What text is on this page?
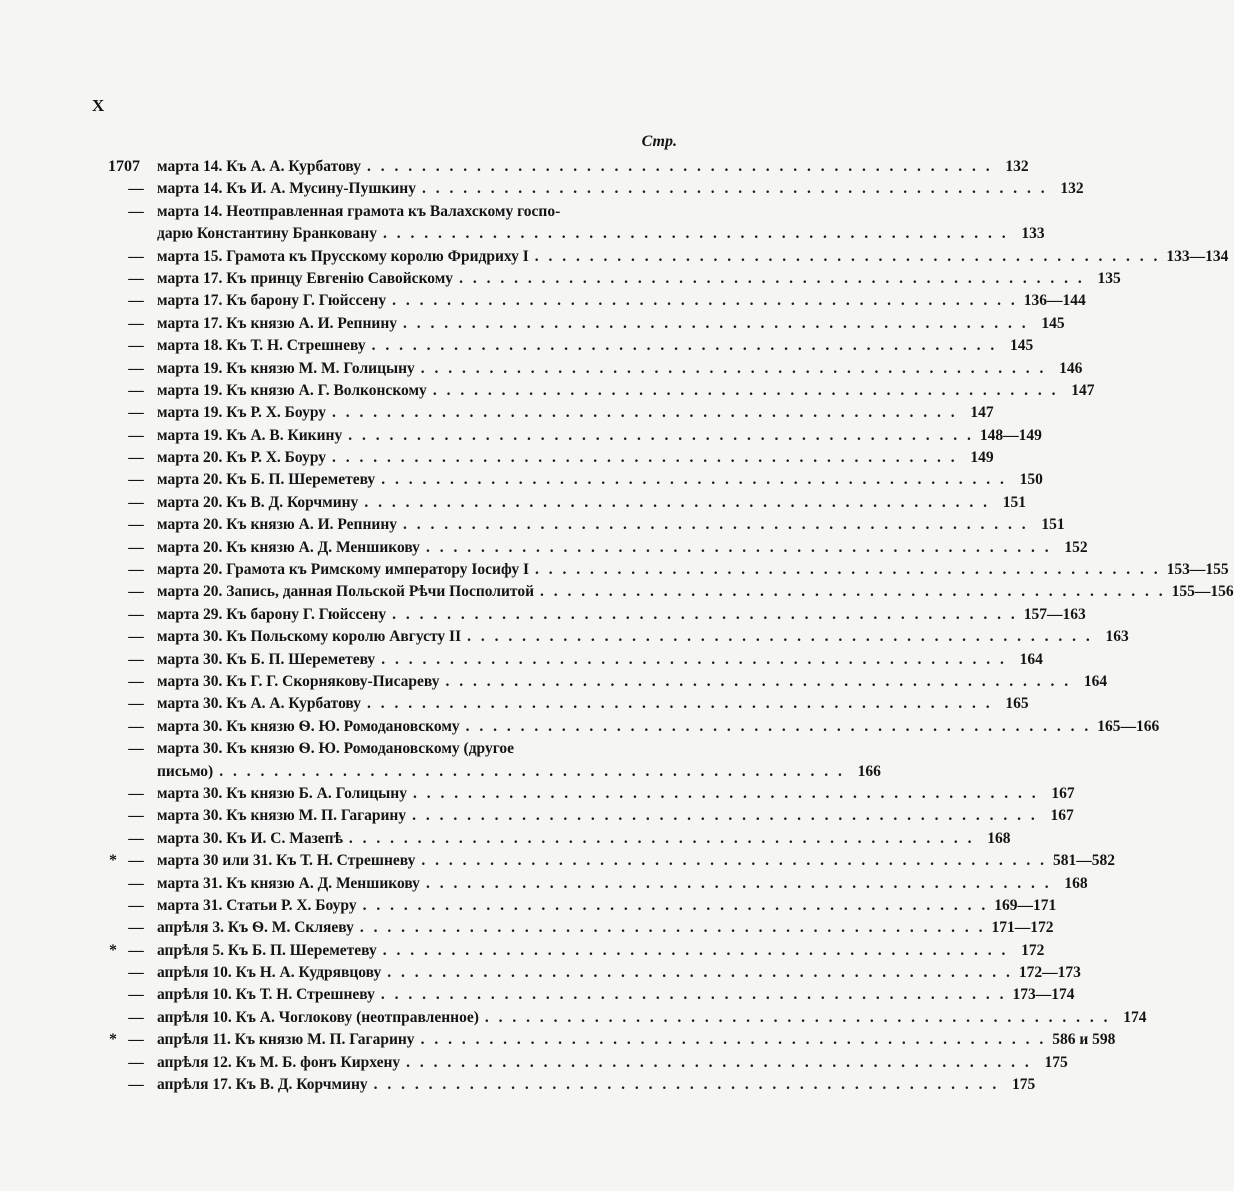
X
Стр.
1707	марта 14. Къ А. А. Курбатову . . . . . . . . . . . . . . . . . . . . . . . . . . . . . . . . . . . . . . . . . . . . . . 132
— марта 14. Къ И. А. Мусину-Пушкину . . . . . . . . . . . . . . . . . . . . . . . . . . . . . . . . . . . . . . . . . . . . . . 132
— марта 14. Неотправленная грамота къ Валахскому госпо-
дарю Константину Бранковану . . . . . . . . . . . . . . . . . . . . . . . . . . . . . . . . . . . . . . . . . . . . . . 133
— марта 15. Грамота къ Прусскому королю Фридриху I . . . . . . . . . . . . . . . . . . . . . . . . . . . . . . . . . . . . . . . . . . . . . . 133—134
— марта 17. Къ принцу Евгенію Савойскому . . . . . . . . . . . . . . . . . . . . . . . . . . . . . . . . . . . . . . . . . . . . . . 135
— марта 17. Къ барону Г. Гюйссену . . . . . . . . . . . . . . . . . . . . . . . . . . . . . . . . . . . . . . . . . . . . . . 136—144
— марта 17. Къ князю А. И. Репнину . . . . . . . . . . . . . . . . . . . . . . . . . . . . . . . . . . . . . . . . . . . . . . 145
— марта 18. Къ Т. Н. Стрешневу . . . . . . . . . . . . . . . . . . . . . . . . . . . . . . . . . . . . . . . . . . . . . . 145
— марта 19. Къ князю М. М. Голицыну . . . . . . . . . . . . . . . . . . . . . . . . . . . . . . . . . . . . . . . . . . . . . . 146
— марта 19. Къ князю А. Г. Волконскому . . . . . . . . . . . . . . . . . . . . . . . . . . . . . . . . . . . . . . . . . . . . . . 147
— марта 19. Къ Р. Х. Боуру . . . . . . . . . . . . . . . . . . . . . . . . . . . . . . . . . . . . . . . . . . . . . . 147
— марта 19. Къ А. В. Кикину . . . . . . . . . . . . . . . . . . . . . . . . . . . . . . . . . . . . . . . . . . . . . . 148—149
— марта 20. Къ Р. Х. Боуру . . . . . . . . . . . . . . . . . . . . . . . . . . . . . . . . . . . . . . . . . . . . . . 149
— марта 20. Къ Б. П. Шереметеву . . . . . . . . . . . . . . . . . . . . . . . . . . . . . . . . . . . . . . . . . . . . . . 150
— марта 20. Къ В. Д. Корчмину . . . . . . . . . . . . . . . . . . . . . . . . . . . . . . . . . . . . . . . . . . . . . . 151
— марта 20. Къ князю А. И. Репнину . . . . . . . . . . . . . . . . . . . . . . . . . . . . . . . . . . . . . . . . . . . . . . 151
— марта 20. Къ князю А. Д. Меншикову . . . . . . . . . . . . . . . . . . . . . . . . . . . . . . . . . . . . . . . . . . . . . . 152
— марта 20. Грамота къ Римскому императору Іосифу I . . . . . . . . . . . . . . . . . . . . . . . . . . . . . . . . . . . . . . . . . . . . . . 153—155
— марта 20. Запись, данная Польской Рѣчи Посполитой . . . . . . . . . . . . . . . . . . . . . . . . . . . . . . . . . . . . . . . . . . . . . . 155—156
— марта 29. Къ барону Г. Гюйссену . . . . . . . . . . . . . . . . . . . . . . . . . . . . . . . . . . . . . . . . . . . . . . 157—163
— марта 30. Къ Польскому королю Августу II . . . . . . . . . . . . . . . . . . . . . . . . . . . . . . . . . . . . . . . . . . . . . . 163
— марта 30. Къ Б. П. Шереметеву . . . . . . . . . . . . . . . . . . . . . . . . . . . . . . . . . . . . . . . . . . . . . . 164
— марта 30. Къ Г. Г. Скорнякову-Писареву . . . . . . . . . . . . . . . . . . . . . . . . . . . . . . . . . . . . . . . . . . . . . . 164
— марта 30. Къ А. А. Курбатову . . . . . . . . . . . . . . . . . . . . . . . . . . . . . . . . . . . . . . . . . . . . . . 165
— марта 30. Къ князю Ѳ. Ю. Ромодановскому . . . . . . . . . . . . . . . . . . . . . . . . . . . . . . . . . . . . . . . . . . . . . . 165—166
— марта 30. Къ князю Ѳ. Ю. Ромодановскому (другое
письмо) . . . . . . . . . . . . . . . . . . . . . . . . . . . . . . . . . . . . . . . . . . . . . . 166
— марта 30. Къ князю Б. А. Голицыну . . . . . . . . . . . . . . . . . . . . . . . . . . . . . . . . . . . . . . . . . . . . . . 167
— марта 30. Къ князю М. П. Гагарину . . . . . . . . . . . . . . . . . . . . . . . . . . . . . . . . . . . . . . . . . . . . . . 167
— марта 30. Къ И. С. Мазепѣ . . . . . . . . . . . . . . . . . . . . . . . . . . . . . . . . . . . . . . . . . . . . . . 168
* — марта 30 или 31. Къ Т. Н. Стрешневу . . . . . . . . . . . . . . . . . . . . . . . . . . . . . . . . . . . . . . . . . . . . . . 581—582
— марта 31. Къ князю А. Д. Меншикову . . . . . . . . . . . . . . . . . . . . . . . . . . . . . . . . . . . . . . . . . . . . . . 168
— марта 31. Статьи Р. Х. Боуру . . . . . . . . . . . . . . . . . . . . . . . . . . . . . . . . . . . . . . . . . . . . . . 169—171
— апрѣля 3. Къ Ѳ. М. Скляеву . . . . . . . . . . . . . . . . . . . . . . . . . . . . . . . . . . . . . . . . . . . . . . 171—172
* — апрѣля 5. Къ Б. П. Шереметеву . . . . . . . . . . . . . . . . . . . . . . . . . . . . . . . . . . . . . . . . . . . . . . 172
— апрѣля 10. Къ Н. А. Кудрявцову . . . . . . . . . . . . . . . . . . . . . . . . . . . . . . . . . . . . . . . . . . . . . . 172—173
— апрѣля 10. Къ Т. Н. Стрешневу . . . . . . . . . . . . . . . . . . . . . . . . . . . . . . . . . . . . . . . . . . . . . . 173—174
— апрѣля 10. Къ А. Чоглокову (неотправленное) . . . . . . . . . . . . . . . . . . . . . . . . . . . . . . . . . . . . . . . . . . . . . . 174
* — апрѣля 11. Къ князю М. П. Гагарину . . . . . . . . . . . . . . . . . . . . . . . . . . . . . . . . . . . . . . . . . . . . . . 586 и 598
— апрѣля 12. Къ М. Б. фонъ Кирхену . . . . . . . . . . . . . . . . . . . . . . . . . . . . . . . . . . . . . . . . . . . . . . 175
— апрѣля 17. Къ В. Д. Корчмину . . . . . . . . . . . . . . . . . . . . . . . . . . . . . . . . . . . . . . . . . . . . . . 175
